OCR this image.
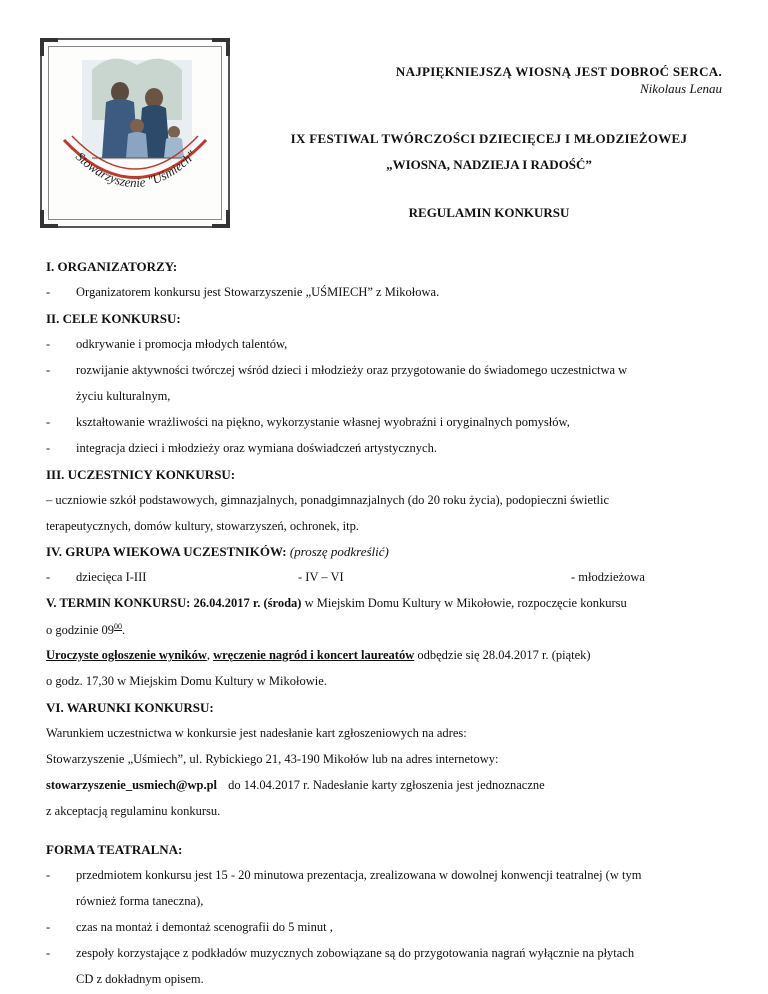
Stowarzyszenie "Uśmiech"
NAJPIĘKNIEJSZĄ WIOSNĄ JEST DOBROĆ SERCA.
Nikolaus Lenau
IX FESTIWAL TWÓRCZOŚCI DZIECIĘCEJ I MŁODZIEŻOWEJ
„WIOSNA, NADZIEJA I RADOŚĆ”
REGULAMIN KONKURSU
I. ORGANIZATORZY:
- Organizatorem konkursu jest Stowarzyszenie „UŚMIECH” z Mikołowa.
II. CELE KONKURSU:
- odkrywanie i promocja młodych talentów,
- rozwijanie aktywności twórczej wśród dzieci i młodzieży oraz przygotowanie do świadomego uczestnictwa w
życiu kulturalnym,
- kształtowanie wrażliwości na piękno, wykorzystanie własnej wyobraźni i oryginalnych pomysłów,
- integracja dzieci i młodzieży oraz wymiana doświadczeń artystycznych.
III. UCZESTNICY KONKURSU:
– uczniowie szkół podstawowych, gimnazjalnych, ponadgimnazjalnych (do 20 roku życia), podopieczni świetlic
terapeutycznych, domów kultury, stowarzyszeń, ochronek, itp.
IV. GRUPA WIEKOWA UCZESTNIKÓW: (proszę podkreślić)
- dziecięca I-III	- IV – VI	- młodzieżowa
V. TERMIN KONKURSU: 26.04.2017 r. (środa) w Miejskim Domu Kultury w Mikołowie, rozpoczęcie konkursu
o godzinie $09^{00}$.
Uroczyste ogłoszenie wyników, wręczenie nagród i koncert laureatów odbędzie się 28.04.2017 r. (piątek)
o godz. 17,30 w Miejskim Domu Kultury w Mikołowie.
VI. WARUNKI KONKURSU:
Warunkiem uczestnictwa w konkursie jest nadesłanie kart zgłoszeniowych na adres:
Stowarzyszenie „Uśmiech”, ul. Rybickiego 21, 43-190 Mikołów lub na adres internetowy:
stowarzyszenie_usmiech@wp.pl do 14.04.2017 r. Nadesłanie karty zgłoszenia jest jednoznaczne
z akceptacją regulaminu konkursu.
FORMA TEATRALNA:
- przedmiotem konkursu jest 15 - 20 minutowa prezentacja, zrealizowana w dowolnej konwencji teatralnej (w tym
również forma taneczna),
- czas na montaż i demontaż scenografii do 5 minut ,
- zespoły korzystające z podkładów muzycznych zobowiązane są do przygotowania nagrań wyłącznie na płytach
CD z dokładnym opisem.
